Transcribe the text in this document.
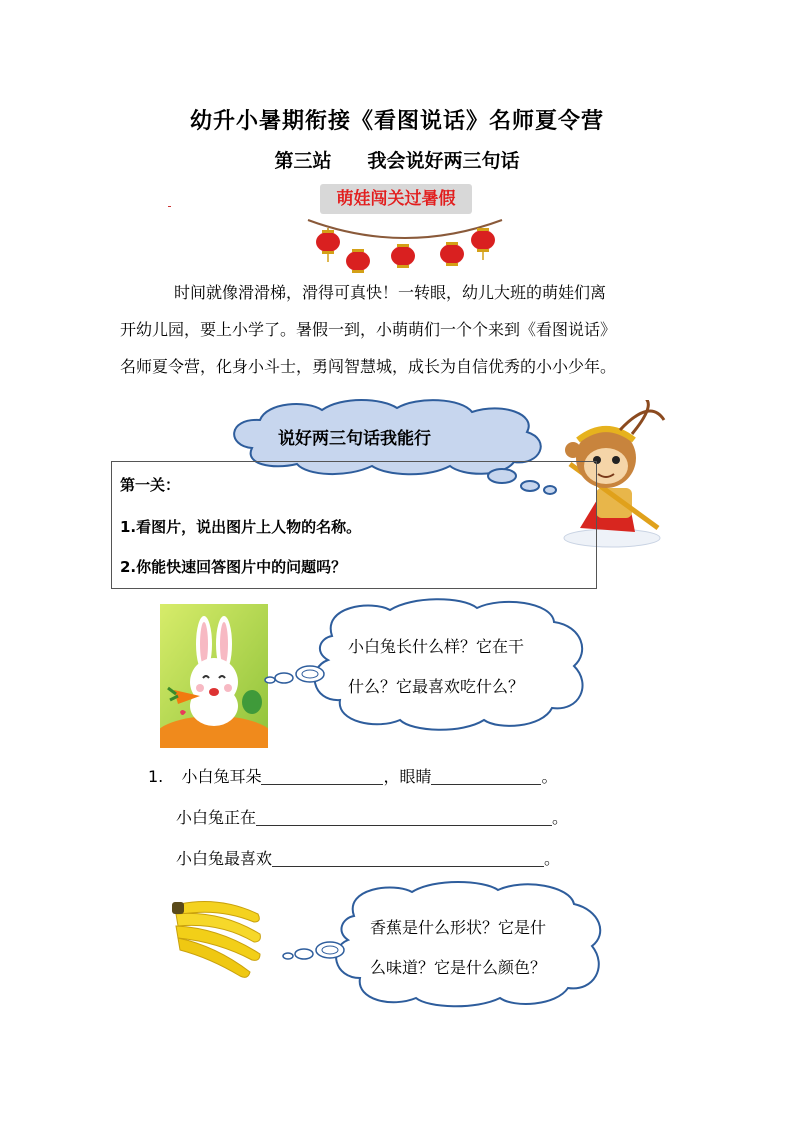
幼升小暑期衔接《看图说话》名师夏令营
第三站 我会说好两三句话
萌娃闯关过暑假
时间就像滑滑梯，滑得可真快！一转眼，幼儿大班的萌娃们离
开幼儿园，要上小学了。暑假一到，小萌萌们一个个来到《看图说话》
名师夏令营，化身小斗士，勇闯智慧城，成长为自信优秀的小小少年。
说好两三句话我能行
第一关：
1.看图片，说出图片上人物的名称。
2.你能快速回答图片中的问题吗？
小白兔长什么样？它在干
什么？它最喜欢吃什么？
1. 小白兔耳朵	，眼睛	。
小白兔正在	。
小白兔最喜欢	。
香蕉是什么形状？它是什
么味道？它是什么颜色？
